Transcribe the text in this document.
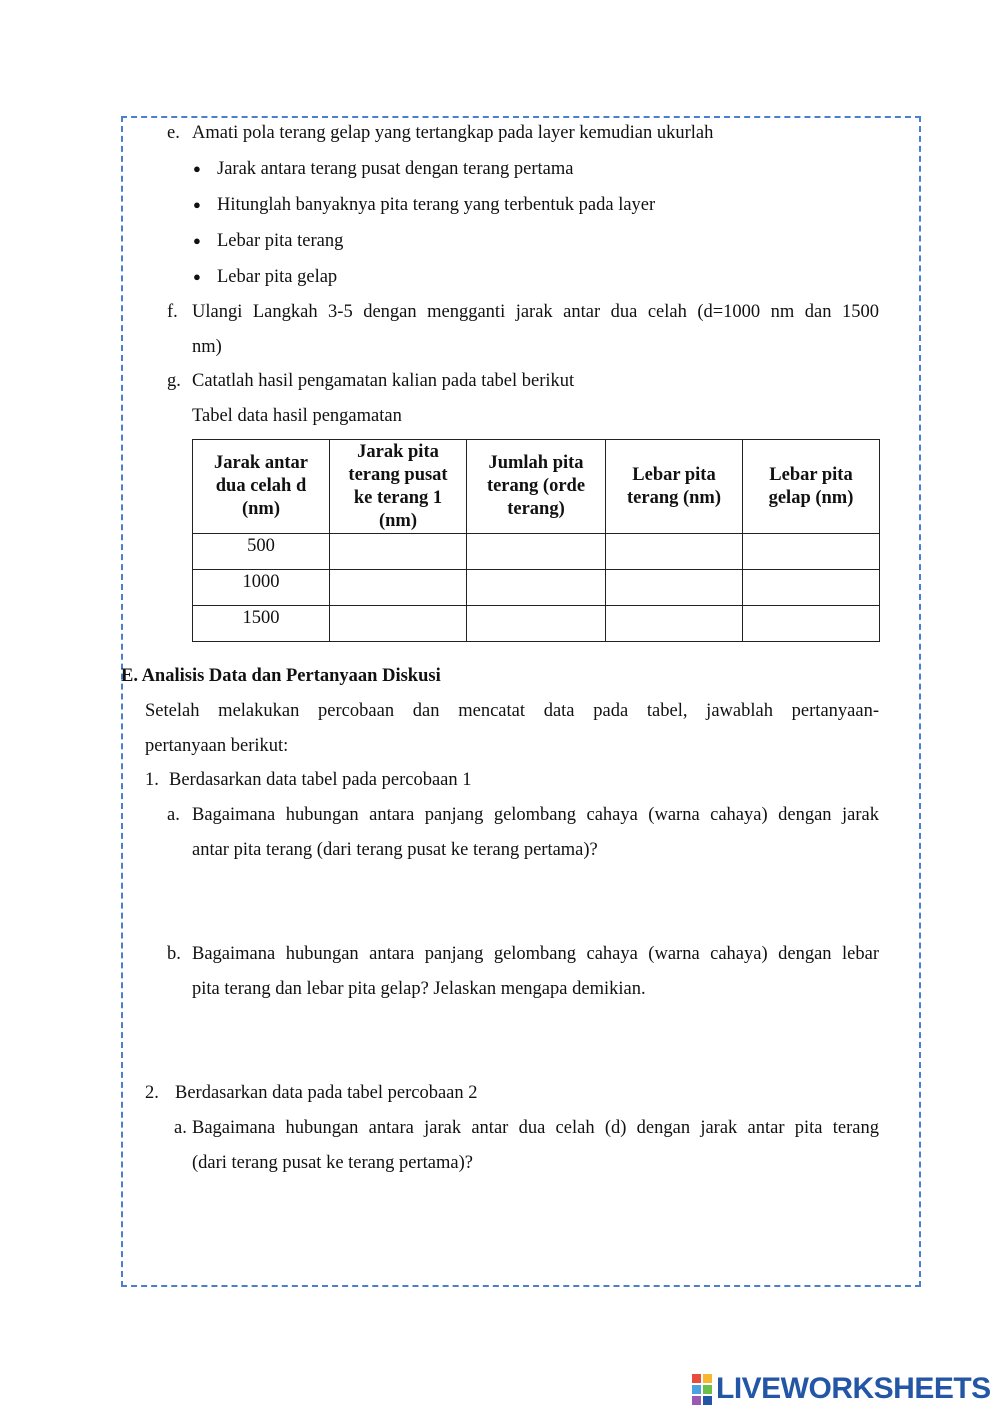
e. Amati pola terang gelap yang tertangkap pada layer kemudian ukurlah
● Jarak antara terang pusat dengan terang pertama
● Hitunglah banyaknya pita terang yang terbentuk pada layer
● Lebar pita terang
● Lebar pita gelap
f. Ulangi Langkah 3-5 dengan mengganti jarak antar dua celah (d=1000 nm dan 1500
nm)
g. Catatlah hasil pengamatan kalian pada tabel berikut
Tabel data hasil pengamatan
Jarak antar dua celah d (nm)	Jarak pita terang pusat ke terang 1 (nm)	Jumlah pita terang (orde terang)	Lebar pita terang (nm)	Lebar pita gelap (nm)
500				
1000				
1500				
E. Analisis Data dan Pertanyaan Diskusi
Setelah melakukan percobaan dan mencatat data pada tabel, jawablah pertanyaan-
pertanyaan berikut:
1. Berdasarkan data tabel pada percobaan 1
a. Bagaimana hubungan antara panjang gelombang cahaya (warna cahaya) dengan jarak
antar pita terang (dari terang pusat ke terang pertama)?
b. Bagaimana hubungan antara panjang gelombang cahaya (warna cahaya) dengan lebar
pita terang dan lebar pita gelap? Jelaskan mengapa demikian.
2. Berdasarkan data pada tabel percobaan 2
a. Bagaimana hubungan antara jarak antar dua celah (d) dengan jarak antar pita terang
(dari terang pusat ke terang pertama)?
LIVEWORKSHEETS
